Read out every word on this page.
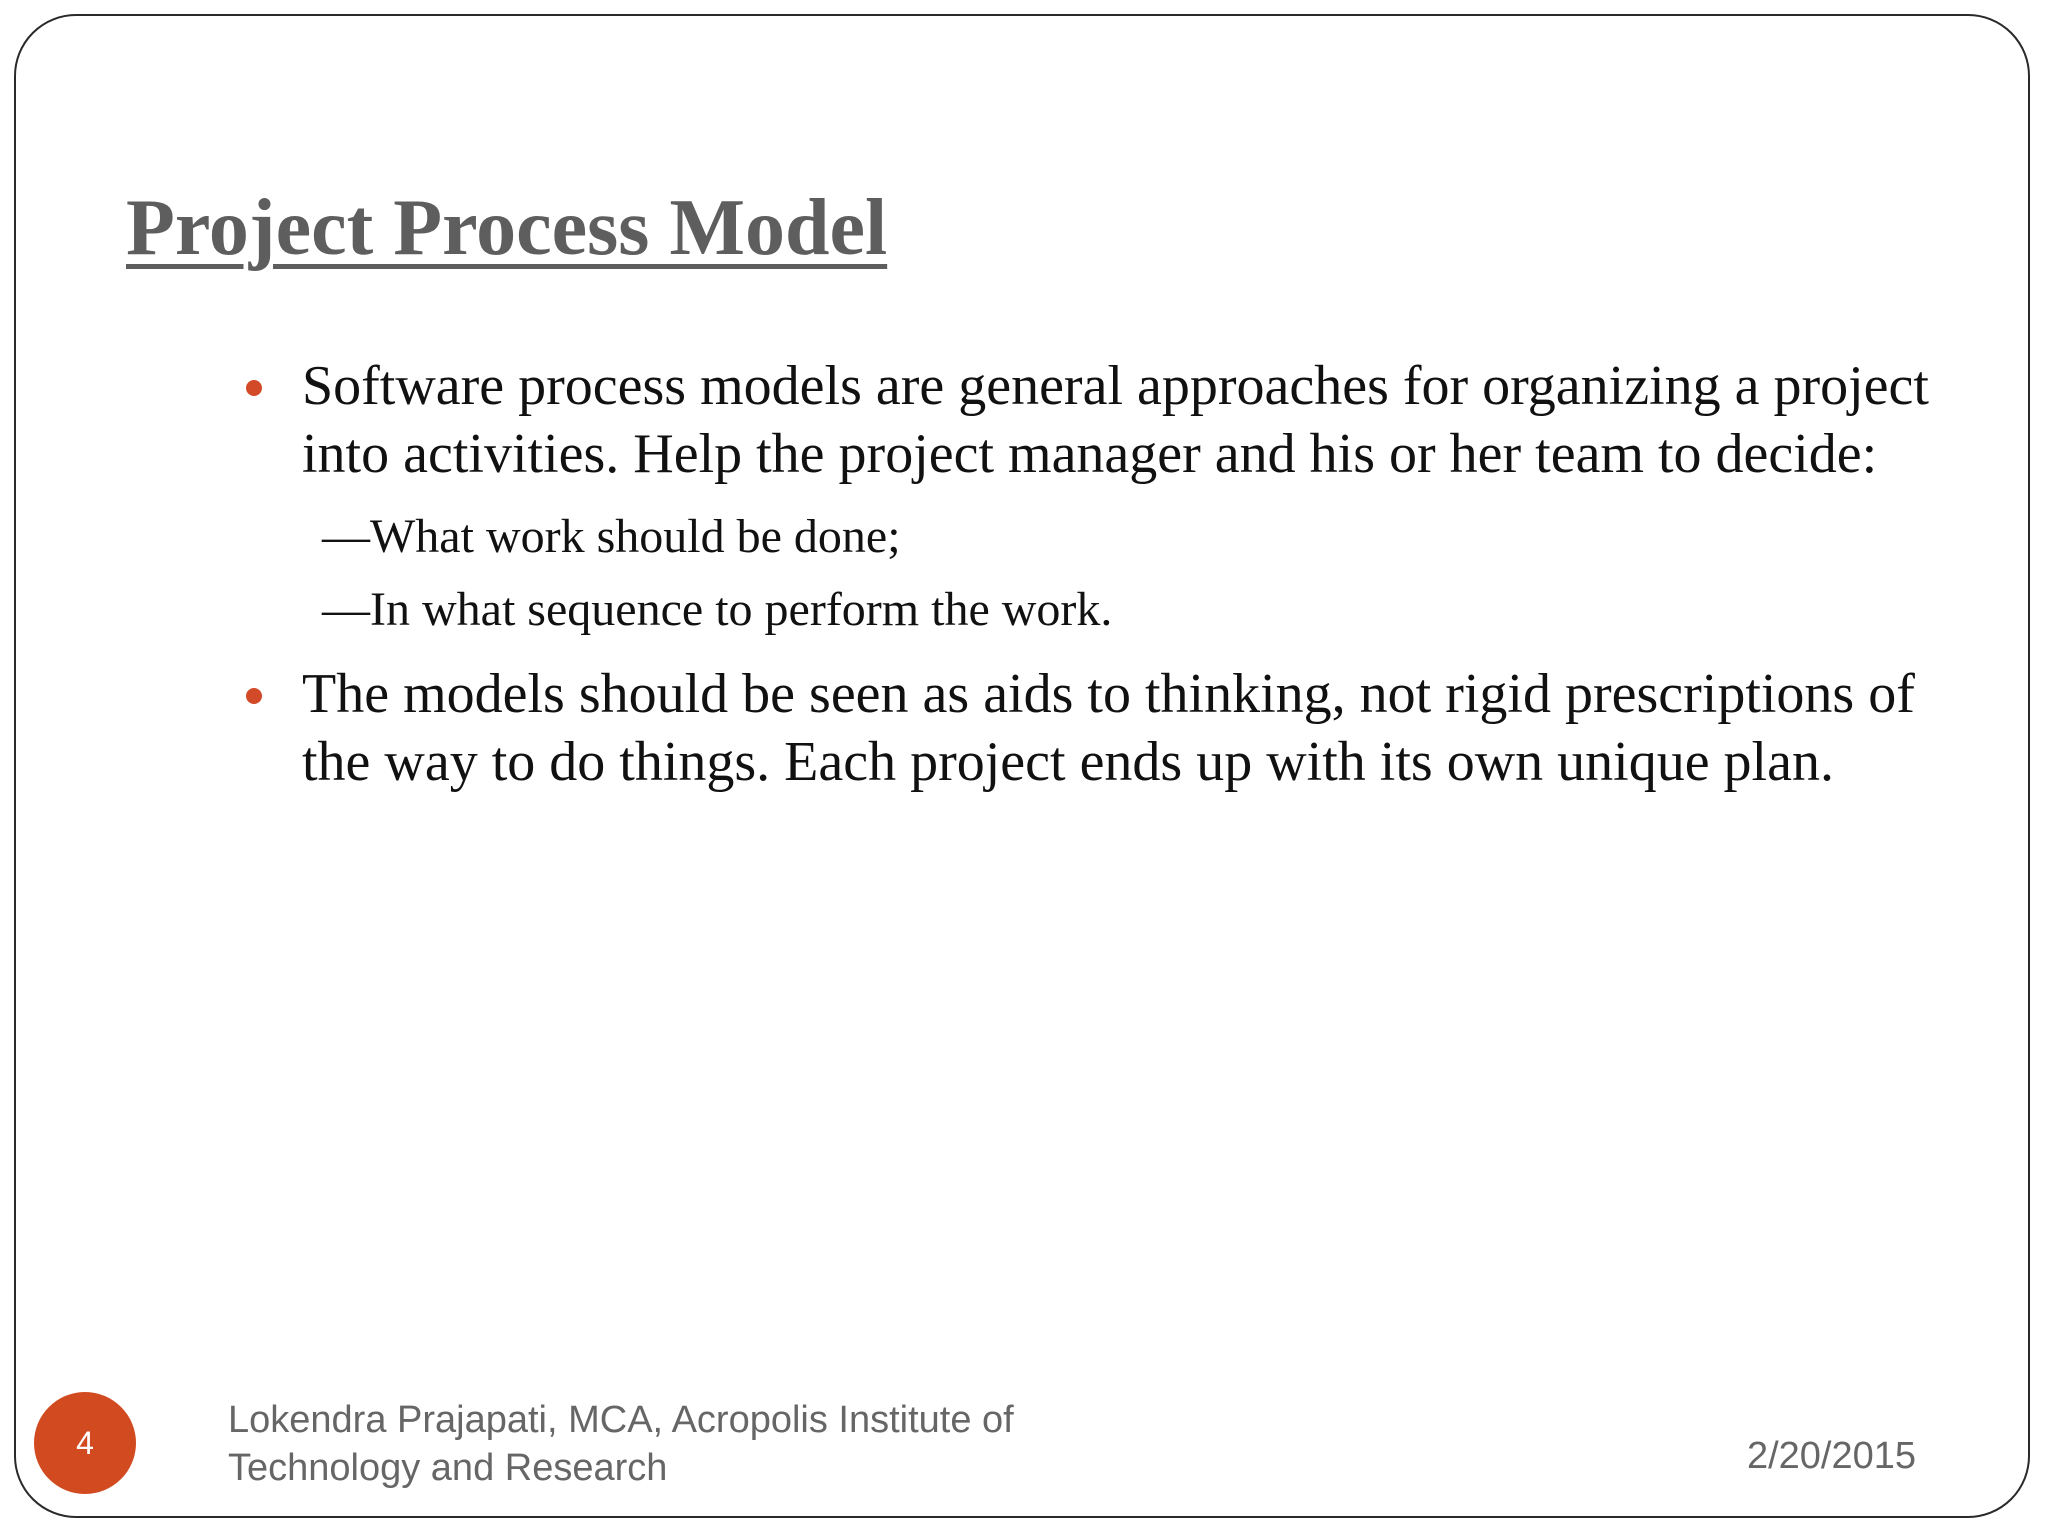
Project Process Model
Software process models are general approaches for organizing a project into activities. Help the project manager and his or her team to decide:
—What work should be done;
—In what sequence to perform the work.
The models should be seen as aids to thinking, not rigid prescriptions of the way to do things. Each project ends up with its own unique plan.
4
Lokendra Prajapati, MCA, Acropolis Institute of
Technology and Research	2/20/2015
